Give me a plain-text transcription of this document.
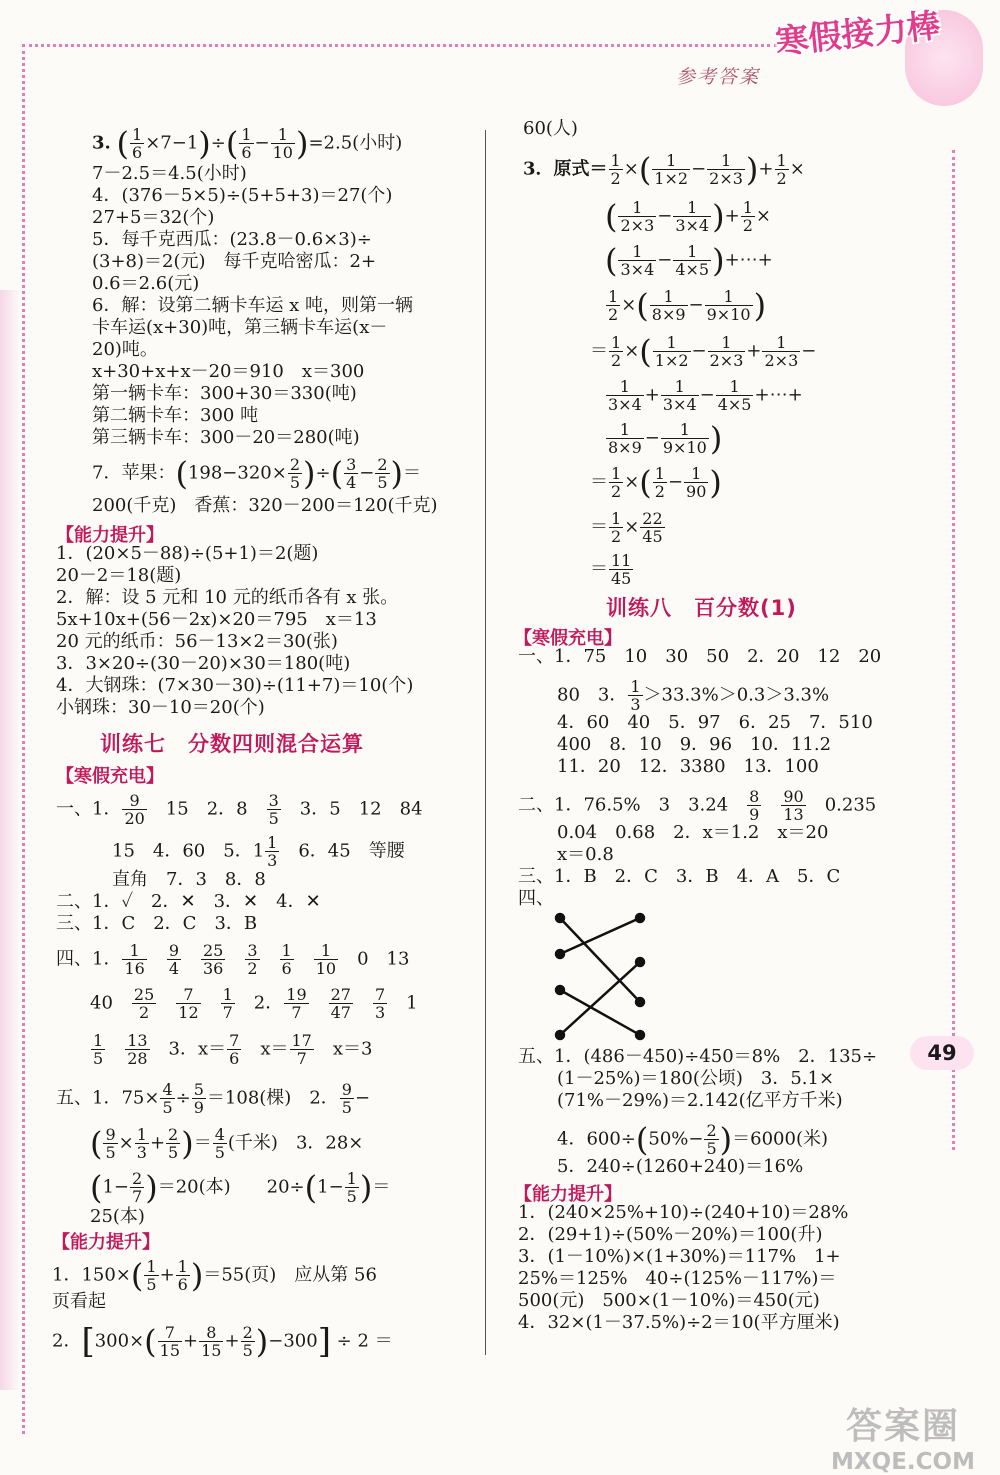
参考答案
寒假接力棒
3. ( $\frac{1}{6} \times 7-1)\div( \frac{1}{6} - \frac{1}{10} )=2.5$(小时)
7－2.5＝4.5(小时)
4．(376－5×5)÷(5+5+3)＝27(个)
27+5＝32(个)
5．每千克西瓜：(23.8－0.6×3)÷
(3+8)＝2(元)　每千克哈密瓜：2+
0.6＝2.6(元)
6．解：设第二辆卡车运 x 吨，则第一辆
卡车运(x+30)吨，第三辆卡车运(x－
20)吨。
x+30+x+x－20＝910　x＝300
第一辆卡车：300+30＝330(吨)
第二辆卡车：300 吨
第三辆卡车：300－20＝280(吨)
7．苹果：($198-320\times \frac{2}{5}$ )÷( $\frac{3}{4} - \frac{2}{5}$ )＝
200(千克)　香蕉：320－200＝120(千克)
【能力提升】
1．(20×5－88)÷(5+1)＝2(题)
20－2＝18(题)
2．解：设 5 元和 10 元的纸币各有 x 张。
5x+10x+(56－2x)×20＝795　x＝13
20 元的纸币：56－13×2＝30(张)
3．3×20÷(30－20)×30＝180(吨)
4．大钢珠：(7×30－30)÷(11+7)＝10(个)
小钢珠：30－10＝20(个)
训练七　分数四则混合运算
【寒假充电】
一、1． $\frac{9}{20}$ 　15　2．8　 $\frac{3}{5}$ 　3．5　12　84
15　4．60　5．$1 \frac{1}{3}$ 　6．45　等腰
直角　7．3　8．8
二、1．✓　2．✕　3．✕　4．✕
三、1．C　2．C　3．B
四、1． $\frac{1}{16}$
　 $\frac{9}{4}$
　 $\frac{25}{36}$
　 $\frac{3}{2}$
　 $\frac{1}{6}$
　 $\frac{1}{10}$ 　0　13
40　 $\frac{25}{2}$
　 $\frac{7}{12}$
　 $\frac{1}{7}$ 　2． $\frac{19}{7}$
　 $\frac{27}{47}$
　 $\frac{7}{3}$ 　1
$\frac{1}{5}$
　 $\frac{13}{28}$ 　3．$x= \frac{7}{6}$ 　$x= \frac{17}{7}$ 　x＝3
五、1．$75\times \frac{4}{5} \div \frac{5}{9} =108$(棵)　2． $\frac{9}{5}$ −
( $\frac{9}{5} \times \frac{1}{3} + \frac{2}{5}$ )＝ $\frac{4}{5}$ (千米)　3．28×
$(1- \frac{2}{7} )=20$(本)　　$20\div(1- \frac{1}{5}$ )＝
25(本)
【能力提升】
1．$150\times( \frac{1}{5} + \frac{1}{6} )=55$(页)　应从第 56
页看起
2．$[300\times( \frac{7}{15} + \frac{8}{15} + \frac{2}{5} )-300] \div 2$ ＝
60(人)
3．原式＝ $\frac{1}{2}$ ×( $\frac{1}{1\times 2} - \frac{1}{2\times 3}$ )+ $\frac{1}{2}$ ×
( $\frac{1}{2\times 3} - \frac{1}{3\times 4}$ )+ $\frac{1}{2}$ ×
( $\frac{1}{3\times 4} - \frac{1}{4\times 5}$ )+⋯+
$\frac{1}{2}$ ×( $\frac{1}{8\times 9} - \frac{1}{9\times 10}$ )
＝ $\frac{1}{2}$ ×( $\frac{1}{1\times 2} - \frac{1}{2\times 3} + \frac{1}{2\times 3}$ −
$\frac{1}{3\times 4} + \frac{1}{3\times 4} - \frac{1}{4\times 5}$ +⋯+
$\frac{1}{8\times 9} - \frac{1}{9\times 10}$ )
＝ $\frac{1}{2}$ ×( $\frac{1}{2} - \frac{1}{90}$ )
＝ $\frac{1}{2} \times \frac{22}{45}$
＝ $\frac{11}{45}$
训练八　百分数(1)
【寒假充电】
一、1．75　10　30　50　2．20　12　20
80　3． $\frac{1}{3} >33.3\%>0.3>3.3\%$
4．60　40　5．97　6．25　7．510
400　8．10　9．96　10．11.2
11．20　12．3380　13．100
二、1．76.5%　3　3.24　 $\frac{8}{9}$
　 $\frac{90}{13}$
　 0.235
0.04　0.68　2．x＝1.2　x＝20
x＝0.8
三、1．B　2．C　3．B　4．A　5．C
四、
五、1．(486－450)÷450＝8%　2．135÷
(1－25%)＝180(公顷)　3．5.1×
(71%－29%)＝2.142(亿平方千米)
4．$600\div(50\%- \frac{2}{5} )=6000$(米)
5．240÷(1260+240)＝16%
【能力提升】
1．(240×25%+10)÷(240+10)＝28%
2．(29+1)÷(50%－20%)＝100(升)
3．(1－10%)×(1+30%)＝117%　1+
25%＝125%　40÷(125%－117%)＝
500(元)　500×(1－10%)＝450(元)
4．32×(1－37.5%)÷2＝10(平方厘米)
49
答案圈
MXQE.COM
